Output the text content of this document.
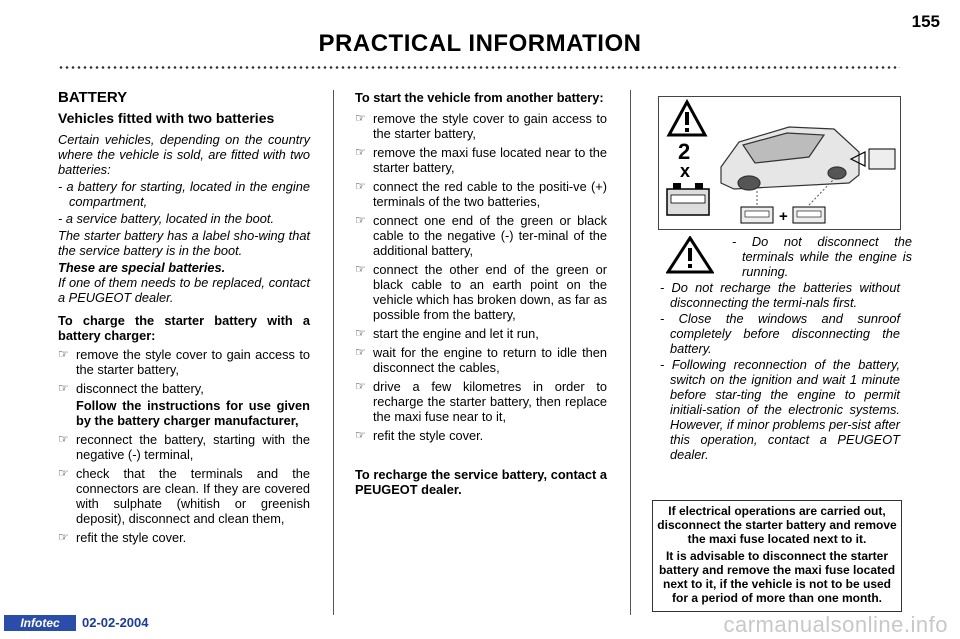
155
PRACTICAL INFORMATION
BATTERY
Vehicles fitted with two batteries

Certain vehicles, depending on the country where the vehicle is sold, are fitted with two batteries:

- a battery for starting, located in the engine compartment,
- a service battery, located in the boot.

The starter battery has a label sho-wing that the service battery is in the boot.

These are special batteries.

If one of them needs to be replaced, contact a PEUGEOT dealer.

To charge the starter battery with a battery charger:

☞ remove the style cover to gain access to the starter battery,
☞ disconnect the battery,

Follow the instructions for use given by the battery charger manufacturer,

☞ reconnect the battery, starting with the negative (-) terminal,
☞ check that the terminals and the connectors are clean. If they are covered with sulphate (whitish or greenish deposit), disconnect and clean them,
☞ refit the style cover.

To start the vehicle from another battery:

☞ remove the style cover to gain access to the starter battery,
☞ remove the maxi fuse located near to the starter battery,
☞ connect the red cable to the positi-ve (+) terminals of the two batteries,
☞ connect one end of the green or black cable to the negative (-) ter-minal of the additional battery,
☞ connect the other end of the green or black cable to an earth point on the vehicle which has broken down, as far as possible from the battery,
☞ start the engine and let it run,
☞ wait for the engine to return to idle then disconnect the cables,
☞ drive a few kilometres in order to recharge the starter battery, then replace the maxi fuse near to it,
☞ refit the style cover.

To recharge the service battery, contact a PEUGEOT dealer.

2
x
+
- Do not disconnect the terminals while the engine is running.
- Do not recharge the batteries without disconnecting the termi-nals first.
- Close the windows and sunroof completely before disconnecting the battery.
- Following reconnection of the battery, switch on the ignition and wait 1 minute before star-ting the engine to permit initiali-sation of the electronic systems. However, if minor problems per-sist after this operation, contact a PEUGEOT dealer.

If electrical operations are carried out, disconnect the starter battery and remove the maxi fuse located next to it.

It is advisable to disconnect the starter battery and remove the maxi fuse located next to it, if the vehicle is not to be used for a period of more than one month.

Infotec	02-02-2004	carmanualsonline.info
